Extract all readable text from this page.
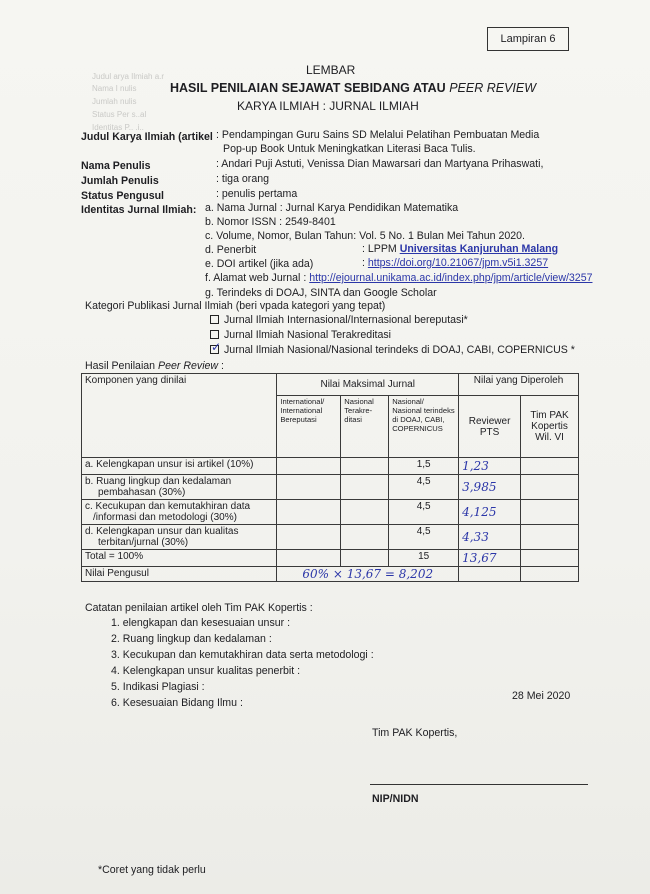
Lampiran 6
Judul arya Ilmiah a.r
Nama I nulis
Jumlah nulis
Status Per s..al
Identitas P.. .i..
LEMBAR
HASIL PENILAIAN SEJAWAT SEBIDANG ATAU PEER REVIEW
KARYA ILMIAH : JURNAL ILMIAH
Judul Karya Ilmiah (artikel : Pendampingan Guru Sains SD Melalui Pelatihan Pembuatan Media
Pop-up Book Untuk Meningkatkan Literasi Baca Tulis.
Nama Penulis	: Andari Puji Astuti, Venissa Dian Mawarsari dan Martyana Prihaswati,
Jumlah Penulis	: tiga orang
Status Pengusul	: penulis pertama
Identitas Jurnal Ilmiah: a. Nama Jurnal : Jurnal Karya Pendidikan Matematika
b. Nomor ISSN : 2549-8401
c. Volume, Nomor, Bulan Tahun: Vol. 5 No. 1 Bulan Mei Tahun 2020.
d. Penerbit	: LPPM Universitas Kanjuruhan Malang
e. DOI artikel (jika ada)	: https://doi.org/10.21067/jpm.v5i1.3257
f. Alamat web Jurnal : http://ejournal.unikama.ac.id/index.php/jpm/article/view/3257
g. Terindeks di DOAJ, SINTA dan Google Scholar
Kategori Publikasi Jurnal Ilmiah (beri vpada kategori yang tepat)
Jurnal Ilmiah Internasional/Internasional bereputasi*
Jurnal Ilmiah Nasional Terakreditasi
✓ Jurnal Ilmiah Nasional/Nasional terindeks di DOAJ, CABI, COPERNICUS *
Hasil Penilaian Peer Review :
Komponen yang dinilai	Nilai Maksimal Jurnal			Nilai yang Diperoleh	
	International/ International Bereputasi	Nasional Terakre-ditasi	Nasional/ Nasional terindeks di DOAJ, CABI, COPERNICUS	Reviewer PTS	Tim PAK Kopertis Wil. VI

a. Kelengkapan unsur isi artikel (10%)			1,5	1,23	

b. Ruang lingkup dan kedalaman
pembahasan (30%)			4,5	3,985	

c. Kecukupan dan kemutakhiran data
/informasi dan metodologi (30%)			4,5	4,125	

d. Kelengkapan unsur dan kualitas
terbitan/jurnal (30%)			4,5	4,33	
Total = 100%			15	13,67	
Nilai Pengusul	60% × 13,67 = 8,202				
Catatan penilaian artikel oleh Tim PAK Kopertis :
1. elengkapan dan kesesuaian unsur :
2. Ruang lingkup dan kedalaman :
3. Kecukupan dan kemutakhiran data serta metodologi :
4. Kelengkapan unsur kualitas penerbit :
5. Indikasi Plagiasi :
6. Kesesuaian Bidang Ilmu :
28 Mei 2020
Tim PAK Kopertis,
NIP/NIDN
*Coret yang tidak perlu
